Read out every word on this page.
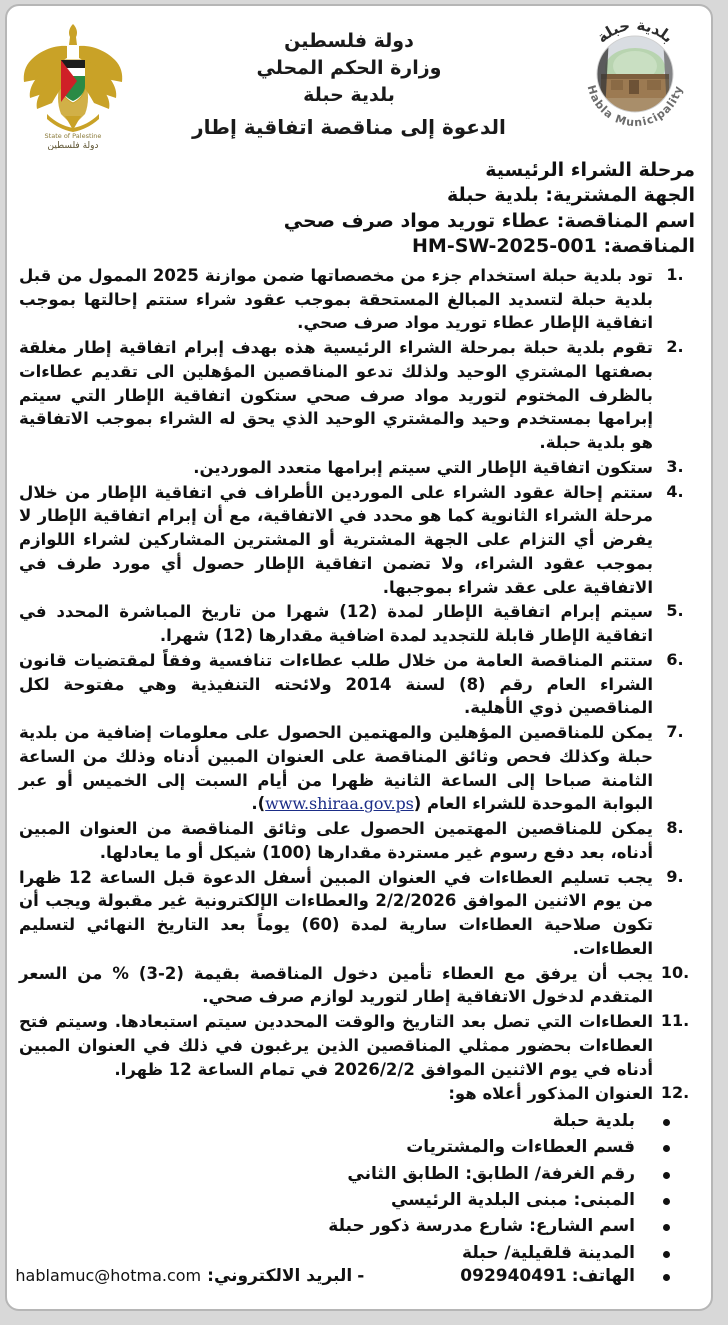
State of Palestine
دولة فلسطين
دولة فلسطين
وزارة الحكم المحلي
بلدية حبلة
الدعوة إلى مناقصة اتفاقية إطار
بلدية حبلة
Habla Municipality
مرحلة الشراء الرئيسية
الجهة المشترية: بلدية حبلة
اسم المناقصة: عطاء توريد مواد صرف صحي
المناقصة: HM-SW-2025-001
1.
تود بلدية حبلة استخدام جزء من مخصصاتها ضمن موازنة 2025 الممول من قبل بلدية حبلة لتسديد المبالغ المستحقة بموجب عقود شراء ستتم إحالتها بموجب اتفاقية الإطار عطاء توريد مواد صرف صحي.
2.
تقوم بلدية حبلة بمرحلة الشراء الرئيسية هذه بهدف إبرام اتفاقية إطار مغلقة بصفتها المشتري الوحيد ولذلك تدعو المناقصين المؤهلين الى تقديم عطاءات بالظرف المختوم لتوريد مواد صرف صحي ستكون اتفاقية الإطار التي سيتم إبرامها بمستخدم وحيد والمشتري الوحيد الذي يحق له الشراء بموجب الاتفاقية هو بلدية حبلة.
3.
ستكون اتفاقية الإطار التي سيتم إبرامها متعدد الموردين.
4.
ستتم إحالة عقود الشراء على الموردين الأطراف في اتفاقية الإطار من خلال مرحلة الشراء الثانوية كما هو محدد في الاتفاقية، مع أن إبرام اتفاقية الإطار لا يفرض أي التزام على الجهة المشترية أو المشترين المشاركين لشراء اللوازم بموجب عقود الشراء، ولا تضمن اتفاقية الإطار حصول أي مورد طرف في الاتفاقية على عقد شراء بموجبها.
5.
سيتم إبرام اتفاقية الإطار لمدة (12) شهرا من تاريخ المباشرة المحدد في اتفاقية الإطار قابلة للتجديد لمدة اضافية مقدارها (12) شهرا.
6.
ستتم المناقصة العامة من خلال طلب عطاءات تنافسية وفقاً لمقتضيات قانون الشراء العام رقم (8) لسنة 2014 ولائحته التنفيذية وهي مفتوحة لكل المناقصين ذوي الأهلية.
7.
يمكن للمناقصين المؤهلين والمهتمين الحصول على معلومات إضافية من بلدية حبلة وكذلك فحص وثائق المناقصة على العنوان المبين أدناه وذلك من الساعة الثامنة صباحا إلى الساعة الثانية ظهرا من أيام السبت إلى الخميس أو عبر البوابة الموحدة للشراء العام (www.shiraa.gov.ps).
8.
يمكن للمناقصين المهتمين الحصول على وثائق المناقصة من العنوان المبين أدناه، بعد دفع رسوم غير مستردة مقدارها (100) شيكل أو ما يعادلها.
9.
يجب تسليم العطاءات في العنوان المبين أسفل الدعوة قبل الساعة 12 ظهرا من يوم الاثنين الموافق 2/2/2026 والعطاءات الإلكترونية غير مقبولة ويجب أن تكون صلاحية العطاءات سارية لمدة (60) يوماً بعد التاريخ النهائي لتسليم العطاءات.
10.
يجب أن يرفق مع العطاء تأمين دخول المناقصة بقيمة (2-3) % من السعر المتقدم لدخول الاتفاقية إطار لتوريد لوازم صرف صحي.
11.
العطاءات التي تصل بعد التاريخ والوقت المحددين سيتم استبعادها. وسيتم فتح العطاءات بحضور ممثلي المناقصين الذين يرغبون في ذلك في العنوان المبين أدناه في يوم الاثنين الموافق 2026/2/2 في تمام الساعة 12 ظهرا.
12.
العنوان المذكور أعلاه هو:
بلدية حبلة
قسم العطاءات والمشتريات
رقم الغرفة/ الطابق: الطابق الثاني
المبنى: مبنى البلدية الرئيسي
اسم الشارع: شارع مدرسة ذكور حبلة
المدينة قلقيلية/ حبلة
الهاتف:
092940491
-
البريد الالكتروني:
hablamuc@hotma.com
